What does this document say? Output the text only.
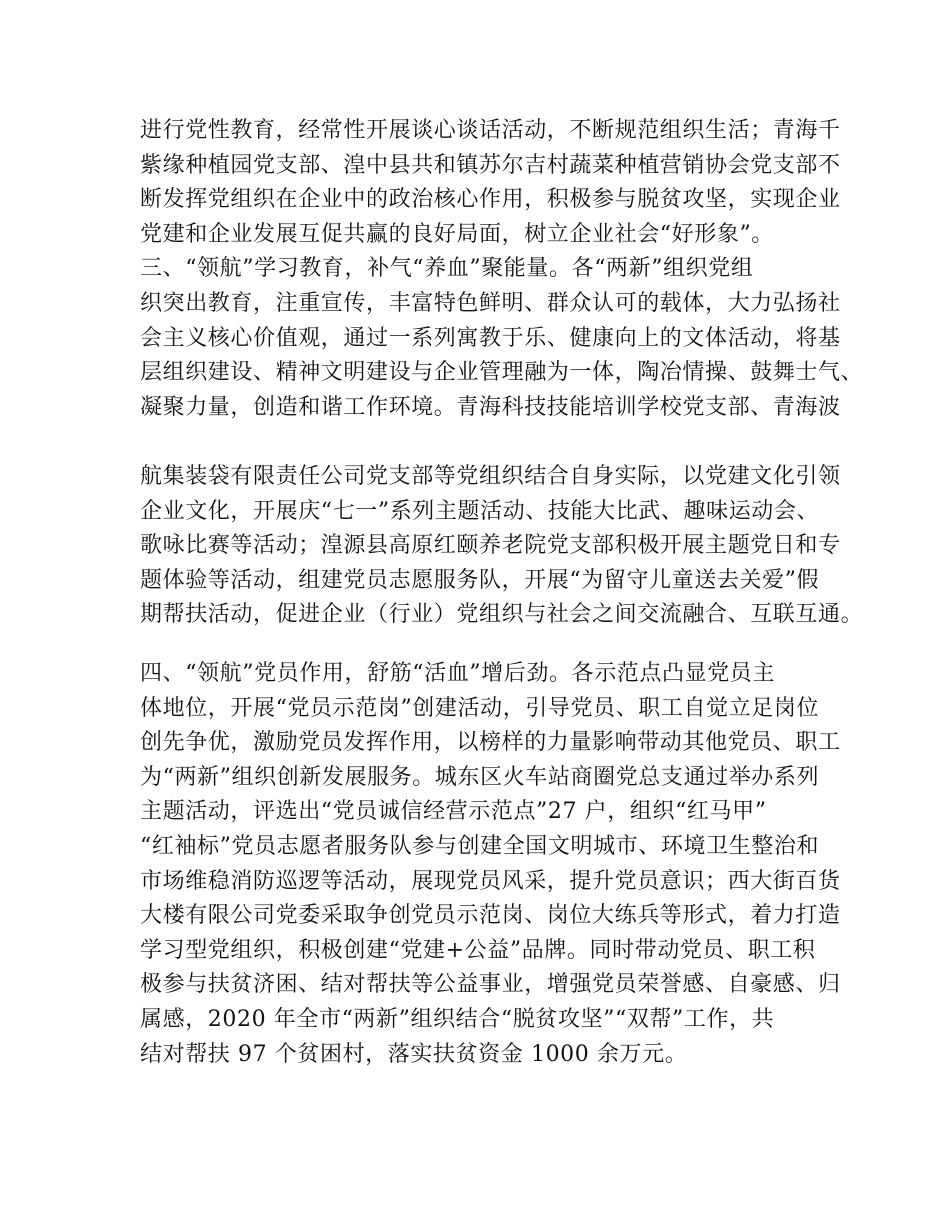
进行党性教育，经常性开展谈心谈话活动，不断规范组织生活；青海千
紫缘种植园党支部、湟中县共和镇苏尔吉村蔬菜种植营销协会党支部不
断发挥党组织在企业中的政治核心作用，积极参与脱贫攻坚，实现企业
党建和企业发展互促共赢的良好局面，树立企业社会“好形象”。
三、“领航”学习教育，补气“养血”聚能量。各“两新”组织党组
织突出教育，注重宣传，丰富特色鲜明、群众认可的载体，大力弘扬社
会主义核心价值观，通过一系列寓教于乐、健康向上的文体活动，将基
层组织建设、精神文明建设与企业管理融为一体，陶冶情操、鼓舞士气、
凝聚力量，创造和谐工作环境。青海科技技能培训学校党支部、青海波
航集装袋有限责任公司党支部等党组织结合自身实际，以党建文化引领
企业文化，开展庆“七一”系列主题活动、技能大比武、趣味运动会、
歌咏比赛等活动；湟源县高原红颐养老院党支部积极开展主题党日和专
题体验等活动，组建党员志愿服务队，开展“为留守儿童送去关爱”假
期帮扶活动，促进企业（行业）党组织与社会之间交流融合、互联互通。
四、“领航”党员作用，舒筋“活血”增后劲。各示范点凸显党员主
体地位，开展“党员示范岗”创建活动，引导党员、职工自觉立足岗位
创先争优，激励党员发挥作用，以榜样的力量影响带动其他党员、职工
为“两新”组织创新发展服务。城东区火车站商圈党总支通过举办系列
主题活动，评选出“党员诚信经营示范点”27 户，组织“红马甲”
“红袖标”党员志愿者服务队参与创建全国文明城市、环境卫生整治和
市场维稳消防巡逻等活动，展现党员风采，提升党员意识；西大街百货
大楼有限公司党委采取争创党员示范岗、岗位大练兵等形式，着力打造
学习型党组织，积极创建“党建+公益”品牌。同时带动党员、职工积
极参与扶贫济困、结对帮扶等公益事业，增强党员荣誉感、自豪感、归
属感，2020 年全市“两新”组织结合“脱贫攻坚”“双帮”工作，共
结对帮扶 97 个贫困村，落实扶贫资金 1000 余万元。
